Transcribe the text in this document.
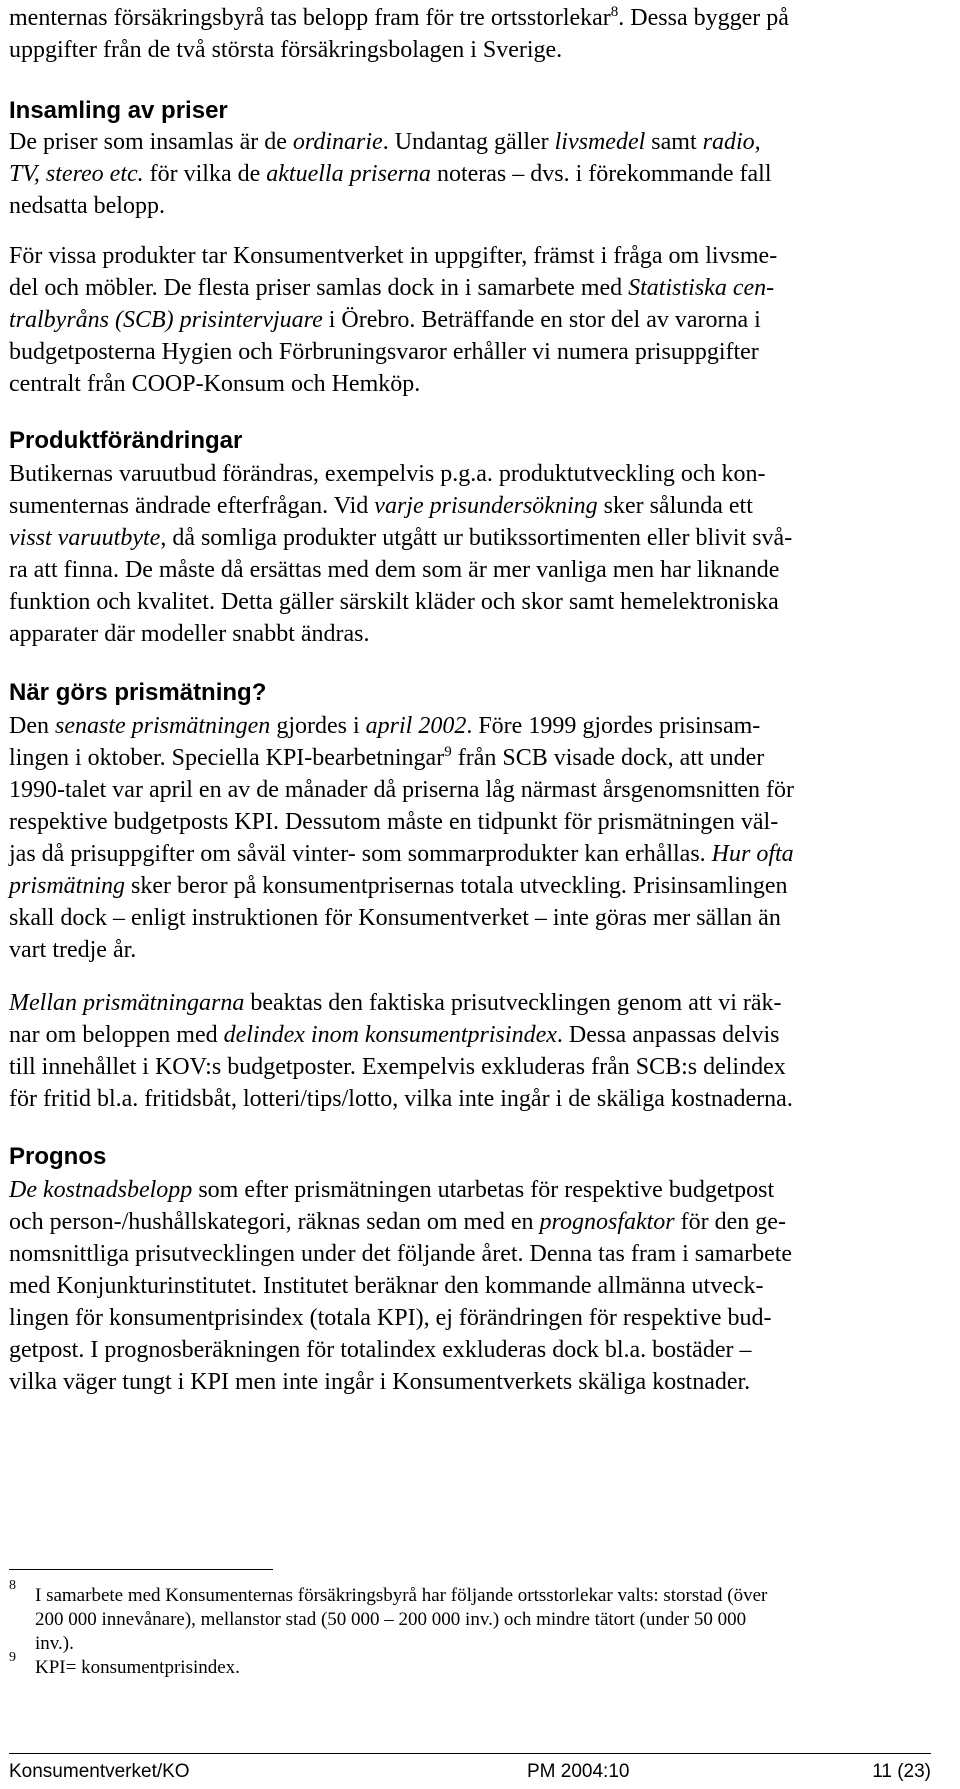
menternas försäkringsbyrå tas belopp fram för tre ortsstorlekar$^8$. Dessa bygger på
uppgifter från de två största försäkringsbolagen i Sverige.
Insamling av priser
De priser som insamlas är de ordinarie. Undantag gäller livsmedel samt radio,
TV, stereo etc. för vilka de aktuella priserna noteras – dvs. i förekommande fall
nedsatta belopp.
För vissa produkter tar Konsumentverket in uppgifter, främst i fråga om livsme-
del och möbler. De flesta priser samlas dock in i samarbete med Statistiska cen-
tralbyråns (SCB) prisintervjuare i Örebro. Beträffande en stor del av varorna i
budgetposterna Hygien och Förbruningsvaror erhåller vi numera prisuppgifter
centralt från COOP-Konsum och Hemköp.
Produktförändringar
Butikernas varuutbud förändras, exempelvis p.g.a. produktutveckling och kon-
sumenternas ändrade efterfrågan. Vid varje prisundersökning sker sålunda ett
visst varuutbyte, då somliga produkter utgått ur butikssortimenten eller blivit svå-
ra att finna. De måste då ersättas med dem som är mer vanliga men har liknande
funktion och kvalitet. Detta gäller särskilt kläder och skor samt hemelektroniska
apparater där modeller snabbt ändras.
När görs prismätning?
Den senaste prismätningen gjordes i april 2002. Före 1999 gjordes prisinsam-
lingen i oktober. Speciella KPI-bearbetningar$^9$ från SCB visade dock, att under
1990-talet var april en av de månader då priserna låg närmast årsgenomsnitten för
respektive budgetposts KPI. Dessutom måste en tidpunkt för prismätningen väl-
jas då prisuppgifter om såväl vinter- som sommarprodukter kan erhållas. Hur ofta
prismätning sker beror på konsumentprisernas totala utveckling. Prisinsamlingen
skall dock – enligt instruktionen för Konsumentverket – inte göras mer sällan än
vart tredje år.
Mellan prismätningarna beaktas den faktiska prisutvecklingen genom att vi räk-
nar om beloppen med delindex inom konsumentprisindex. Dessa anpassas delvis
till innehållet i KOV:s budgetposter. Exempelvis exkluderas från SCB:s delindex
för fritid bl.a. fritidsbåt, lotteri/tips/lotto, vilka inte ingår i de skäliga kostnaderna.
Prognos
De kostnadsbelopp som efter prismätningen utarbetas för respektive budgetpost
och person-/hushållskategori, räknas sedan om med en prognosfaktor för den ge-
nomsnittliga prisutvecklingen under det följande året. Denna tas fram i samarbete
med Konjunkturinstitutet. Institutet beräknar den kommande allmänna utveck-
lingen för konsumentprisindex (totala KPI), ej förändringen för respektive bud-
getpost. I prognosberäkningen för totalindex exkluderas dock bl.a. bostäder –
vilka väger tungt i KPI men inte ingår i Konsumentverkets skäliga kostnader.
8 I samarbete med Konsumenternas försäkringsbyrå har följande ortsstorlekar valts: storstad (över
200 000 innevånare), mellanstor stad (50 000 – 200 000 inv.) och mindre tätort (under 50 000
inv.).
9 KPI= konsumentprisindex.
Konsumentverket/KO	PM 2004:10	11 (23)
